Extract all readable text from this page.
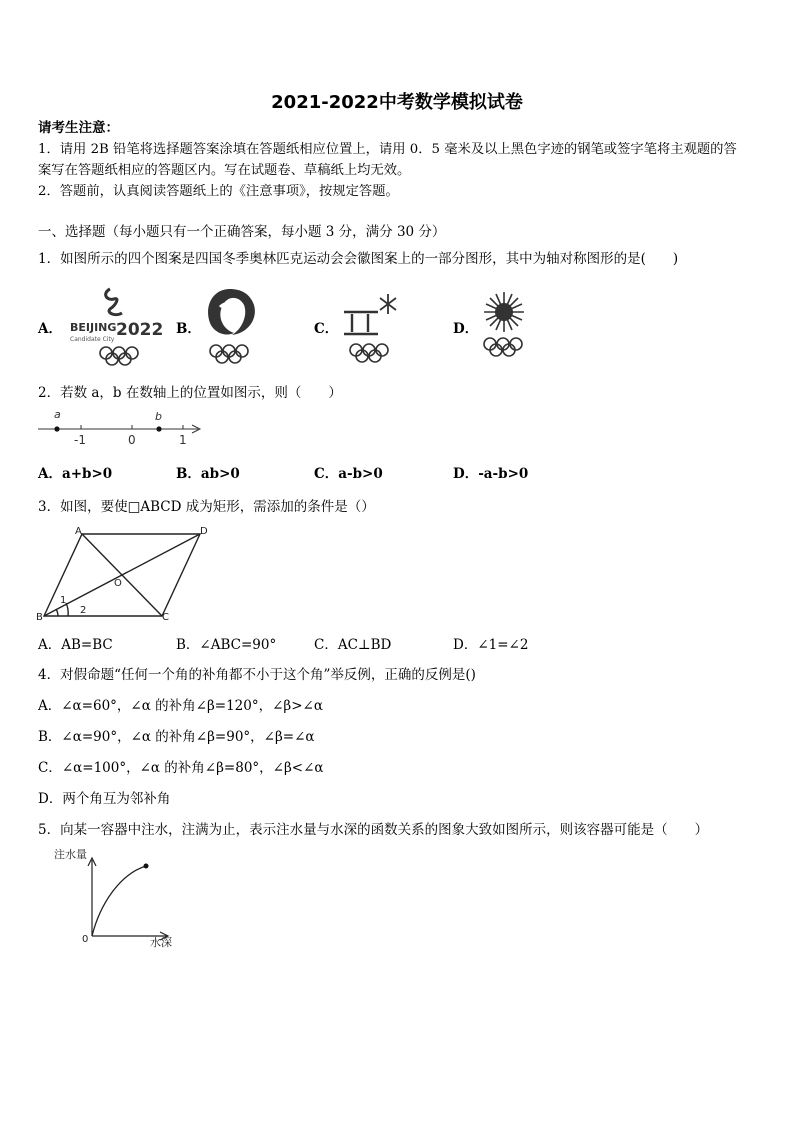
2021-2022中考数学模拟试卷
请考生注意：
1．请用 2B 铅笔将选择题答案涂填在答题纸相应位置上，请用 0．5 毫米及以上黑色字迹的钢笔或签字笔将主观题的答
案写在答题纸相应的答题区内。写在试题卷、草稿纸上均无效。
2．答题前，认真阅读答题纸上的《注意事项》，按规定答题。
一、选择题（每小题只有一个正确答案，每小题 3 分，满分 30 分）
1．如图所示的四个图案是四国冬季奥林匹克运动会会徽图案上的一部分图形，其中为轴对称图形的是(　　)
A． BEIJING 2022
Candidate City
B．	C．	D．
2．若数 a，b 在数轴上的位置如图示，则（　　）
a	b
-1	0	1
A．a+b>0	B．ab>0	C．a-b>0	D．-a-b>0
3．如图，要使□ABCD 成为矩形，需添加的条件是（）
A	D
B	C
O
1
2
A．AB=BC	B．∠ABC=90°	C．AC⊥BD	D．∠1=∠2
4．对假命题“任何一个角的补角都不小于这个角”举反例，正确的反例是()
A．∠α=60°，∠α 的补角∠β=120°，∠β>∠α
B．∠α=90°，∠α 的补角∠β=90°，∠β=∠α
C．∠α=100°，∠α 的补角∠β=80°，∠β<∠α
D．两个角互为邻补角
5．向某一容器中注水，注满为止，表示注水量与水深的函数关系的图象大致如图所示，则该容器可能是（　　）
注水量
水深
0
